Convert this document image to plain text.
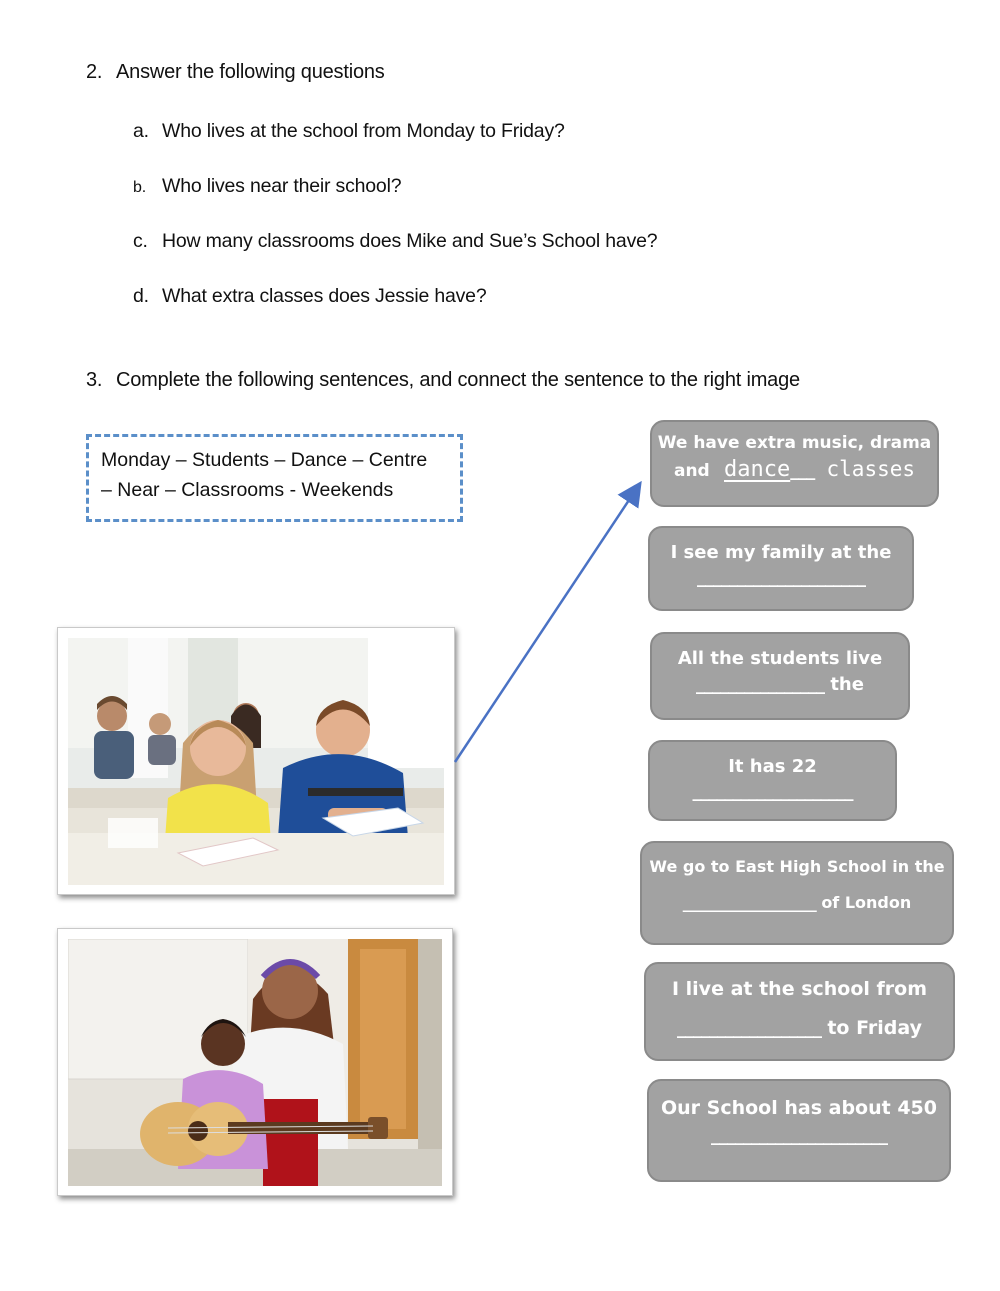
2. Answer the following questions
a. Who lives at the school from Monday to Friday?
b. Who lives near their school?
c. How many classrooms does Mike and Sue’s School have?
d. What extra classes does Jessie have?
3. Complete the following sentences, and connect the sentence to the right image
Monday – Students – Dance – Centre
– Near – Classrooms - Weekends
We have extra music, drama
and dance___ classes
I see my family at the
_____________________
All the students live
________________ the
It has 22
____________________
We go to East High School in the
___________________ of London
I live at the school from
__________________ to Friday
Our School has about 450
______________________
